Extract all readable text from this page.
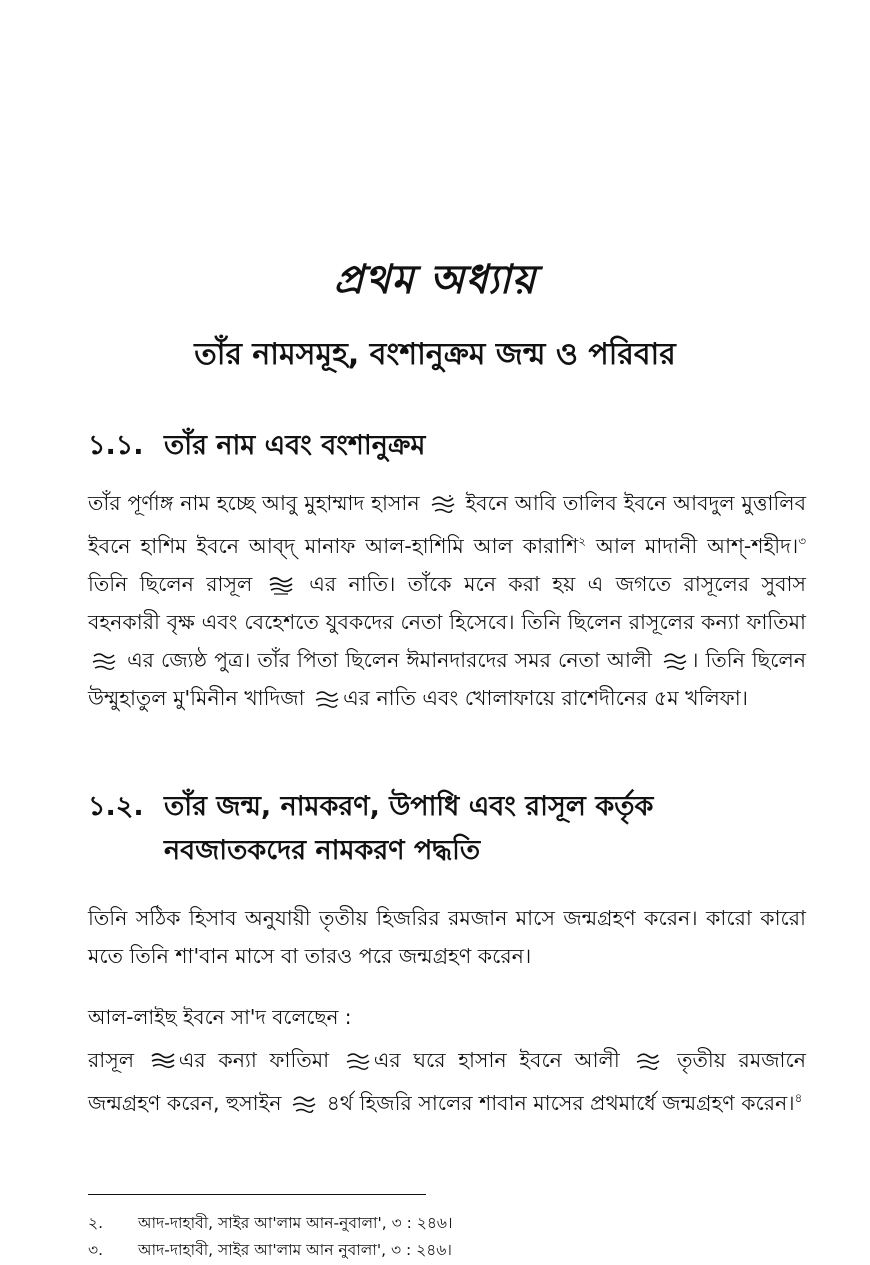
প্রথম অধ্যায়
তাঁর নামসমূহ, বংশানুক্রম জন্ম ও পরিবার
১.১. তাঁর নাম এবং বংশানুক্রম

তাঁর পূর্ণাঙ্গ নাম হচ্ছে আবু মুহাম্মাদ হাসান ইবনে আবি তালিব ইবনে আবদুল মুত্তালিব ইবনে হাশিম ইবনে আব্দ্ মানাফ আল-হাশিমি আল কারাশি$^২$ আল মাদানী আশ্-শহীদ।$^৩$ তিনি ছিলেন রাসূল	এর নাতি। তাঁকে মনে করা হয় এ জগতে রাসূলের সুবাস বহনকারী বৃক্ষ এবং বেহেশতে যুবকদের নেতা হিসেবে। তিনি ছিলেন রাসূলের কন্যা ফাতিমা
এর জ্যেষ্ঠ পুত্র। তাঁর পিতা ছিলেন ঈমানদারদের সমর নেতা আলী । তিনি ছিলেন উম্মুহাতুল মু'মিনীন খাদিজা এর নাতি এবং খোলাফায়ে রাশেদীনের ৫ম খলিফা।

১.২. তাঁর জন্ম, নামকরণ, উপাধি এবং রাসূল কর্তৃক
নবজাতকদের নামকরণ পদ্ধতি

তিনি সঠিক হিসাব অনুযায়ী তৃতীয় হিজরির রমজান মাসে জন্মগ্রহণ করেন। কারো কারো মতে তিনি শা'বান মাসে বা তারও পরে জন্মগ্রহণ করেন।

আল-লাইছ ইবনে সা'দ বলেছেন :

রাসূল এর কন্যা ফাতিমা এর ঘরে হাসান ইবনে আলী	তৃতীয় রমজানে জন্মগ্রহণ করেন, হুসাইন ৪র্থ হিজরি সালের শাবান মাসের প্রথমার্ধে জন্মগ্রহণ করেন।$^৪$

২.	আদ-দাহাবী, সাইর আ'লাম আন-নুবালা', ৩ : ২৪৬।
৩.	আদ-দাহাবী, সাইর আ'লাম আন নুবালা', ৩ : ২৪৬।
